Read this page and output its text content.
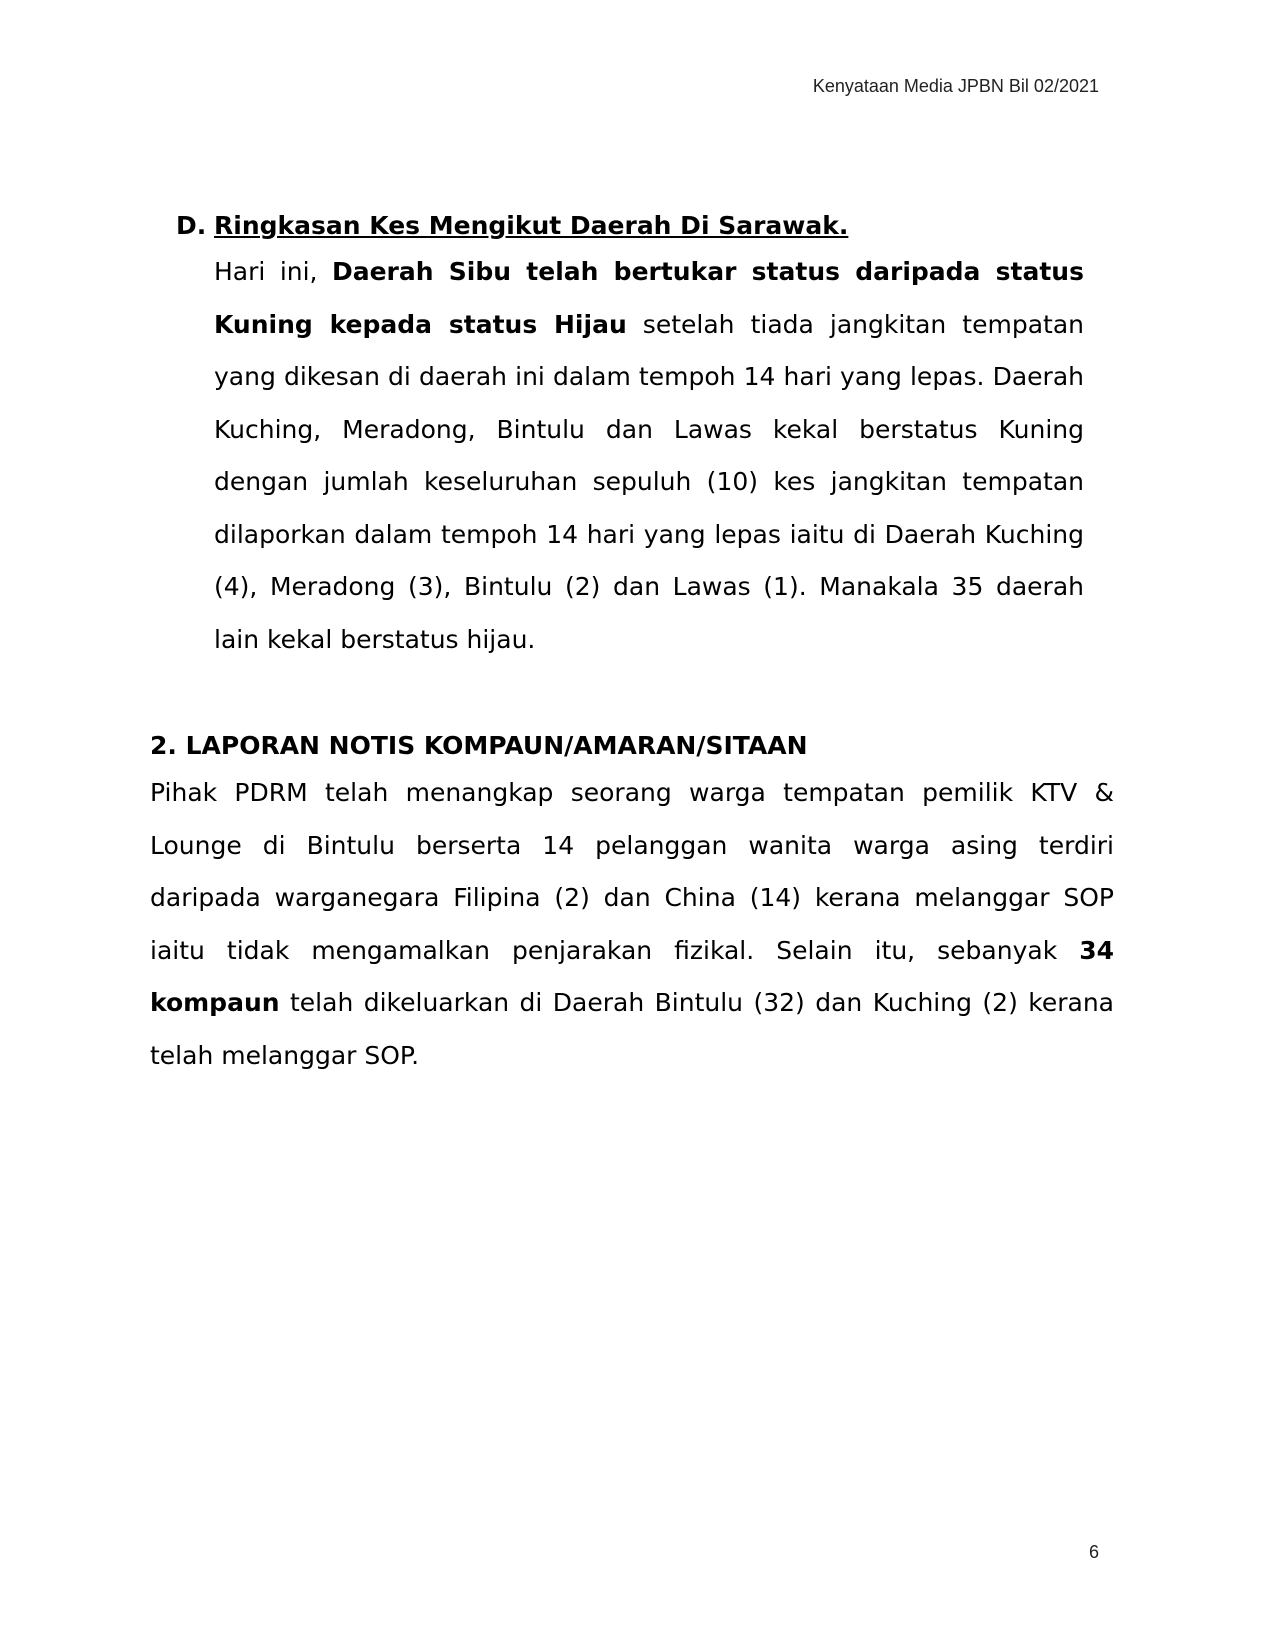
Kenyataan Media JPBN Bil 02/2021
D. Ringkasan Kes Mengikut Daerah Di Sarawak.
Hari ini, Daerah Sibu telah bertukar status daripada status Kuning kepada status Hijau setelah tiada jangkitan tempatan yang dikesan di daerah ini dalam tempoh 14 hari yang lepas. Daerah Kuching, Meradong, Bintulu dan Lawas kekal berstatus Kuning dengan jumlah keseluruhan sepuluh (10) kes jangkitan tempatan dilaporkan dalam tempoh 14 hari yang lepas iaitu di Daerah Kuching (4), Meradong (3), Bintulu (2) dan Lawas (1). Manakala 35 daerah lain kekal berstatus hijau.
2. LAPORAN NOTIS KOMPAUN/AMARAN/SITAAN
Pihak PDRM telah menangkap seorang warga tempatan pemilik KTV & Lounge di Bintulu berserta 14 pelanggan wanita warga asing terdiri daripada warganegara Filipina (2) dan China (14) kerana melanggar SOP iaitu tidak mengamalkan penjarakan fizikal. Selain itu, sebanyak 34 kompaun telah dikeluarkan di Daerah Bintulu (32) dan Kuching (2) kerana telah melanggar SOP.
6
